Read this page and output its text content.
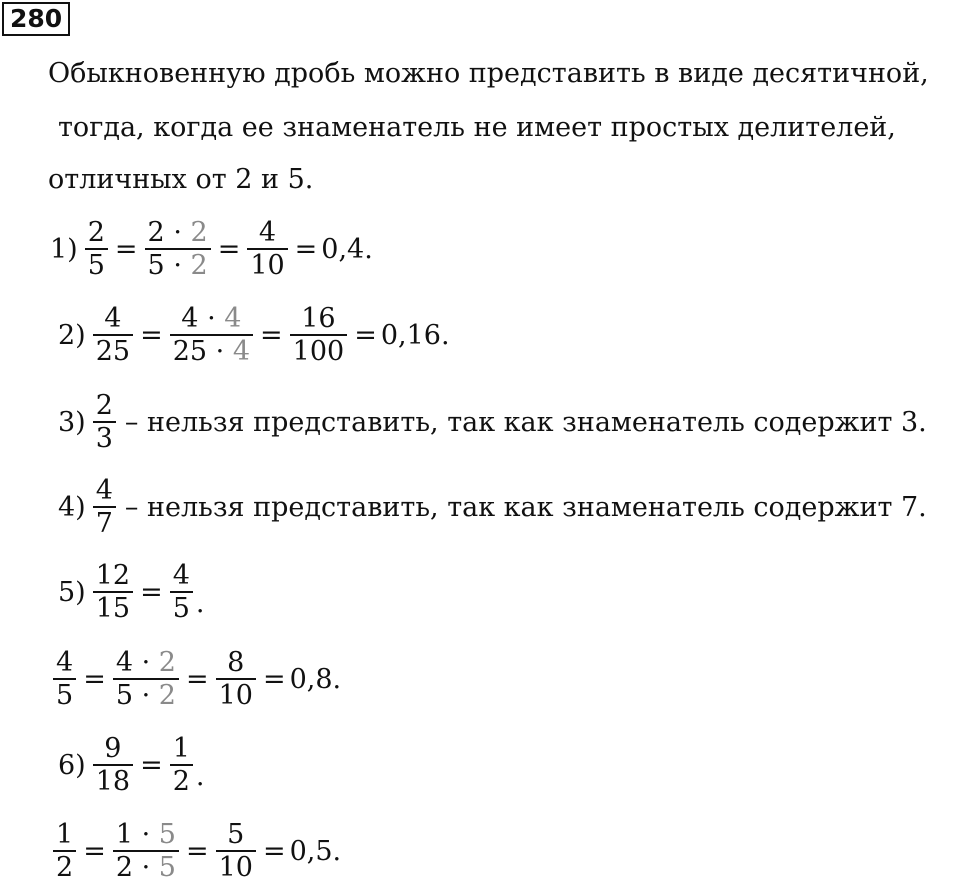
280
Обыкновенную дробь можно представить в виде десятичной,
тогда, когда ее знаменатель не имеет простых делителей,
отличных от 2 и 5.
$1) \frac{2}{5} = \frac{2 \cdot 2}{5 \cdot 2} = \frac{4}{10} = 0,4$.
$2) \frac{4}{25} = \frac{4 \cdot 4}{25 \cdot 4} = \frac{16}{100} = 0,16$.
$3) \frac{2}{3}$ – нельзя представить, так как знаменатель содержит 3.
$4) \frac{4}{7}$ – нельзя представить, так как знаменатель содержит 7.
$5) \frac{12}{15} = \frac{4}{5}$ .
$\frac{4}{5} = \frac{4 \cdot 2}{5 \cdot 2} = \frac{8}{10} = 0,8$.
$6) \frac{9}{18} = \frac{1}{2}$ .
$\frac{1}{2} = \frac{1 \cdot 5}{2 \cdot 5} = \frac{5}{10} = 0,5$.
